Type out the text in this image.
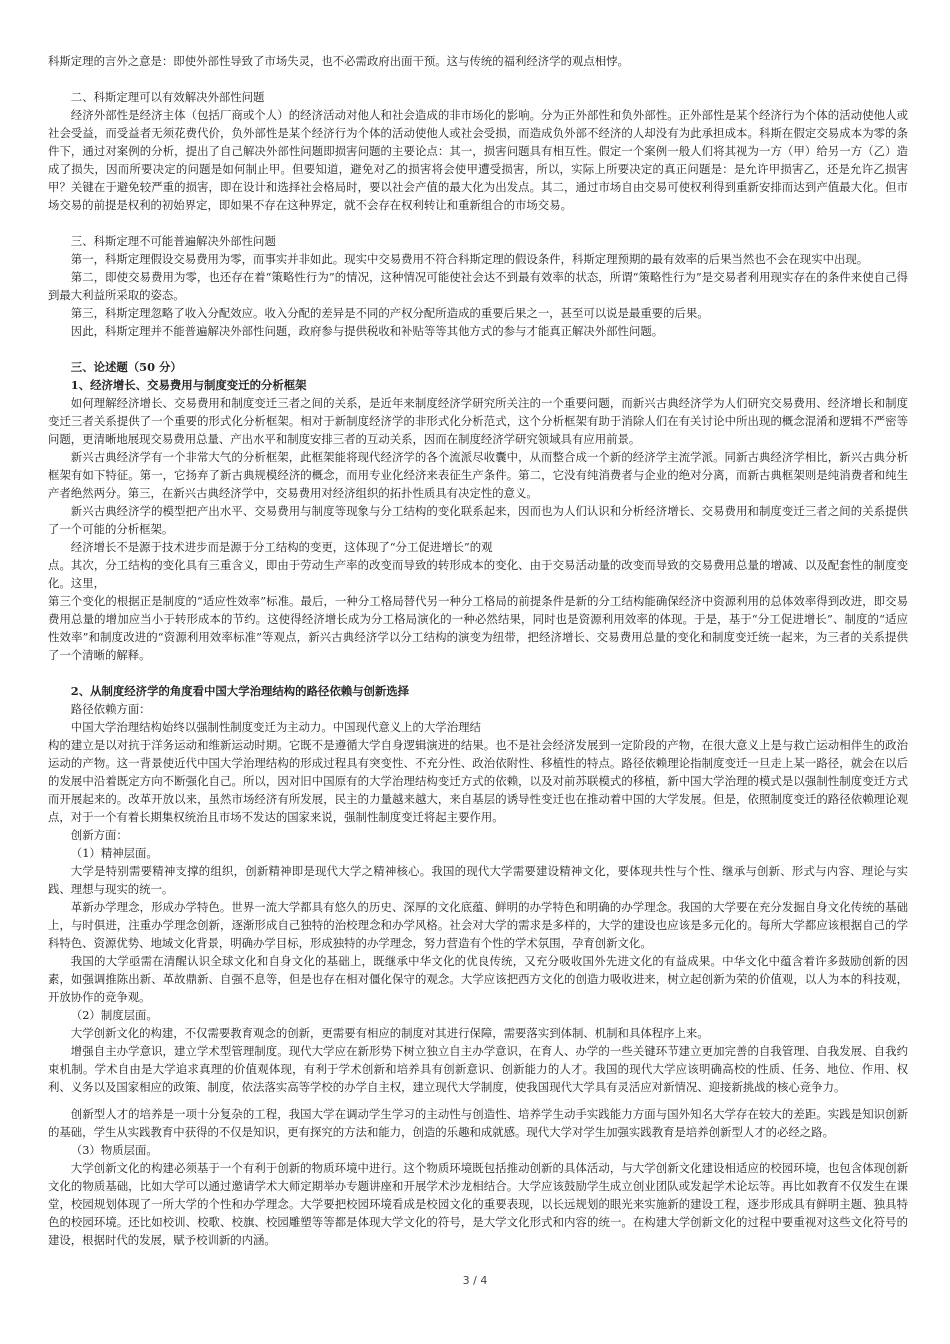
科斯定理的言外之意是：即使外部性导致了市场失灵，也不必需政府出面干预。这与传统的福利经济学的观点相悖。

二、科斯定理可以有效解决外部性问题

经济外部性是经济主体（包括厂商或个人）的经济活动对他人和社会造成的非市场化的影响。分为正外部性和负外部性。正外部性是某个经济行为个体的活动使他人或社会受益，而受益者无须花费代价，负外部性是某个经济行为个体的活动使他人或社会受损，而造成负外部不经济的人却没有为此承担成本。科斯在假定交易成本为零的条件下，通过对案例的分析，提出了自己解决外部性问题即损害问题的主要论点：其一，损害问题具有相互性。假定一个案例一般人们将其视为一方（甲）给另一方（乙）造成了损失，因而所要决定的问题是如何制止甲。但要知道，避免对乙的损害将会使甲遭受损害，所以，实际上所要决定的真正问题是：是允许甲损害乙，还是允许乙损害甲？关键在于避免较严重的损害，即在设计和选择社会格局时，要以社会产值的最大化为出发点。其二，通过市场自由交易可使权利得到重新安排而达到产值最大化。但市场交易的前提是权利的初始界定，即如果不存在这种界定，就不会存在权利转让和重新组合的市场交易。

三、科斯定理不可能普遍解决外部性问题

第一，科斯定理假设交易费用为零，而事实并非如此。现实中交易费用不符合科斯定理的假设条件，科斯定理预期的最有效率的后果当然也不会在现实中出现。

第二，即使交易费用为零，也还存在着“策略性行为”的情况，这种情况可能使社会达不到最有效率的状态，所谓“策略性行为”是交易者利用现实存在的条件来使自己得到最大利益所采取的姿态。

第三，科斯定理忽略了收入分配效应。收入分配的差异是不同的产权分配所造成的重要后果之一，甚至可以说是最重要的后果。

因此，科斯定理并不能普遍解决外部性问题，政府参与提供税收和补贴等等其他方式的参与才能真正解决外部性问题。

三、论述题（50 分）

1、经济增长、交易费用与制度变迁的分析框架

如何理解经济增长、交易费用和制度变迁三者之间的关系，是近年来制度经济学研究所关注的一个重要问题，而新兴古典经济学为人们研究交易费用、经济增长和制度变迁三者关系提供了一个重要的形式化分析框架。相对于新制度经济学的非形式化分析范式，这个分析框架有助于消除人们在有关讨论中所出现的概念混淆和逻辑不严密等问题，更清晰地展现交易费用总量、产出水平和制度安排三者的互动关系，因而在制度经济学研究领域具有应用前景。

新兴古典经济学有一个非常大气的分析框架，此框架能将现代经济学的各个流派尽收囊中，从而整合成一个新的经济学主流学派。同新古典经济学相比，新兴古典分析框架有如下特征。第一，它扬弃了新古典规模经济的概念，而用专业化经济来表征生产条件。第二，它没有纯消费者与企业的绝对分离，而新古典框架则是纯消费者和纯生产者绝然两分。第三，在新兴古典经济学中，交易费用对经济组织的拓扑性质具有决定性的意义。

新兴古典经济学的模型把产出水平、交易费用与制度等现象与分工结构的变化联系起来，因而也为人们认识和分析经济增长、交易费用和制度变迁三者之间的关系提供了一个可能的分析框架。

经济增长不是源于技术进步而是源于分工结构的变更，这体现了“分工促进增长”的观

点。其次，分工结构的变化具有三重含义，即由于劳动生产率的改变而导致的转形成本的变化、由于交易活动量的改变而导致的交易费用总量的增减、以及配套性的制度变化。这里，

第三个变化的根据正是制度的“适应性效率”标准。最后，一种分工格局替代另一种分工格局的前提条件是新的分工结构能确保经济中资源利用的总体效率得到改进，即交易费用总量的增加应当小于转形成本的节约。这使得经济增长成为分工格局演化的一种必然结果，同时也是资源利用效率的体现。于是，基于“分工促进增长”、制度的“适应性效率”和制度改进的“资源利用效率标准”等观点，新兴古典经济学以分工结构的演变为纽带，把经济增长、交易费用总量的变化和制度变迁统一起来，为三者的关系提供了一个清晰的解释。

2、从制度经济学的角度看中国大学治理结构的路径依赖与创新选择

路径依赖方面：

中国大学治理结构始终以强制性制度变迁为主动力。中国现代意义上的大学治理结

构的建立是以对抗于洋务运动和维新运动时期。它既不是遵循大学自身逻辑演进的结果。也不是社会经济发展到一定阶段的产物，在很大意义上是与救亡运动相伴生的政治运动的产物。这一背景使近代中国大学治理结构的形成过程具有突变性、不充分性、政治依附性、移植性的特点。路径依赖理论指制度变迁一旦走上某一路径，就会在以后的发展中沿着既定方向不断强化自己。所以，因对旧中国原有的大学治理结构变迁方式的依赖，以及对前苏联模式的移植，新中国大学治理的模式是以强制性制度变迁方式而开展起来的。改革开放以来，虽然市场经济有所发展，民主的力量越来越大，来自基层的诱导性变迁也在推动着中国的大学发展。但是，依照制度变迁的路径依赖理论观点，对于一个有着长期集权统治且市场不发达的国家来说，强制性制度变迁将起主要作用。

创新方面：

（1）精神层面。

大学是特别需要精神支撑的组织，创新精神即是现代大学之精神核心。我国的现代大学需要建设精神文化，要体现共性与个性、继承与创新、形式与内容、理论与实践、理想与现实的统一。

革新办学理念，形成办学特色。世界一流大学都具有悠久的历史、深厚的文化底蕴、鲜明的办学特色和明确的办学理念。我国的大学要在充分发掘自身文化传统的基础上，与时俱进，注重办学理念创新，逐渐形成自己独特的治校理念和办学风格。社会对大学的需求是多样的，大学的建设也应该是多元化的。每所大学都应该根据自己的学科特色、资源优势、地域文化背景，明确办学目标，形成独特的办学理念，努力营造有个性的学术氛围，孕育创新文化。

我国的大学亟需在清醒认识全球文化和自身文化的基础上，既继承中华文化的优良传统，又充分吸收国外先进文化的有益成果。中华文化中蕴含着许多鼓励创新的因素，如强调推陈出新、革故鼎新、自强不息等，但是也存在相对僵化保守的观念。大学应该把西方文化的创造力吸收进来，树立起创新为荣的价值观，以人为本的科技观，开放协作的竞争观。

（2）制度层面。

大学创新文化的构建，不仅需要教育观念的创新，更需要有相应的制度对其进行保障，需要落实到体制、机制和具体程序上来。

增强自主办学意识，建立学术型管理制度。现代大学应在新形势下树立独立自主办学意识，在育人、办学的一些关键环节建立更加完善的自我管理、自我发展、自我约束机制。学术自由是大学追求真理的价值观体现，有利于学术创新和培养具有创新意识、创新能力的人才。我国的现代大学应该明确高校的性质、任务、地位、作用、权利、义务以及国家相应的政策、制度，依法落实高等学校的办学自主权，建立现代大学制度，使我国现代大学具有灵活应对新情况、迎接新挑战的核心竞争力。

创新型人才的培养是一项十分复杂的工程，我国大学在调动学生学习的主动性与创造性、培养学生动手实践能力方面与国外知名大学存在较大的差距。实践是知识创新的基础，学生从实践教育中获得的不仅是知识，更有探究的方法和能力，创造的乐趣和成就感。现代大学对学生加强实践教育是培养创新型人才的必经之路。

（3）物质层面。

大学创新文化的构建必须基于一个有利于创新的物质环境中进行。这个物质环境既包括推动创新的具体活动，与大学创新文化建设相适应的校园环境，也包含体现创新文化的物质基础，比如大学可以通过邀请学术大师定期举办专题讲座和开展学术沙龙相结合。大学应该鼓励学生成立创业团队或发起学术论坛等。再比如教育不仅发生在课堂，校园规划体现了一所大学的个性和办学理念。大学要把校园环境看成是校园文化的重要表现，以长远规划的眼光来实施新的建设工程，逐步形成具有鲜明主题、独具特色的校园环境。还比如校训、校歌、校旗、校园雕塑等等都是体现大学文化的符号，是大学文化形式和内容的统一。在构建大学创新文化的过程中要重视对这些文化符号的建设，根据时代的发展，赋予校训新的内涵。

3 / 4
